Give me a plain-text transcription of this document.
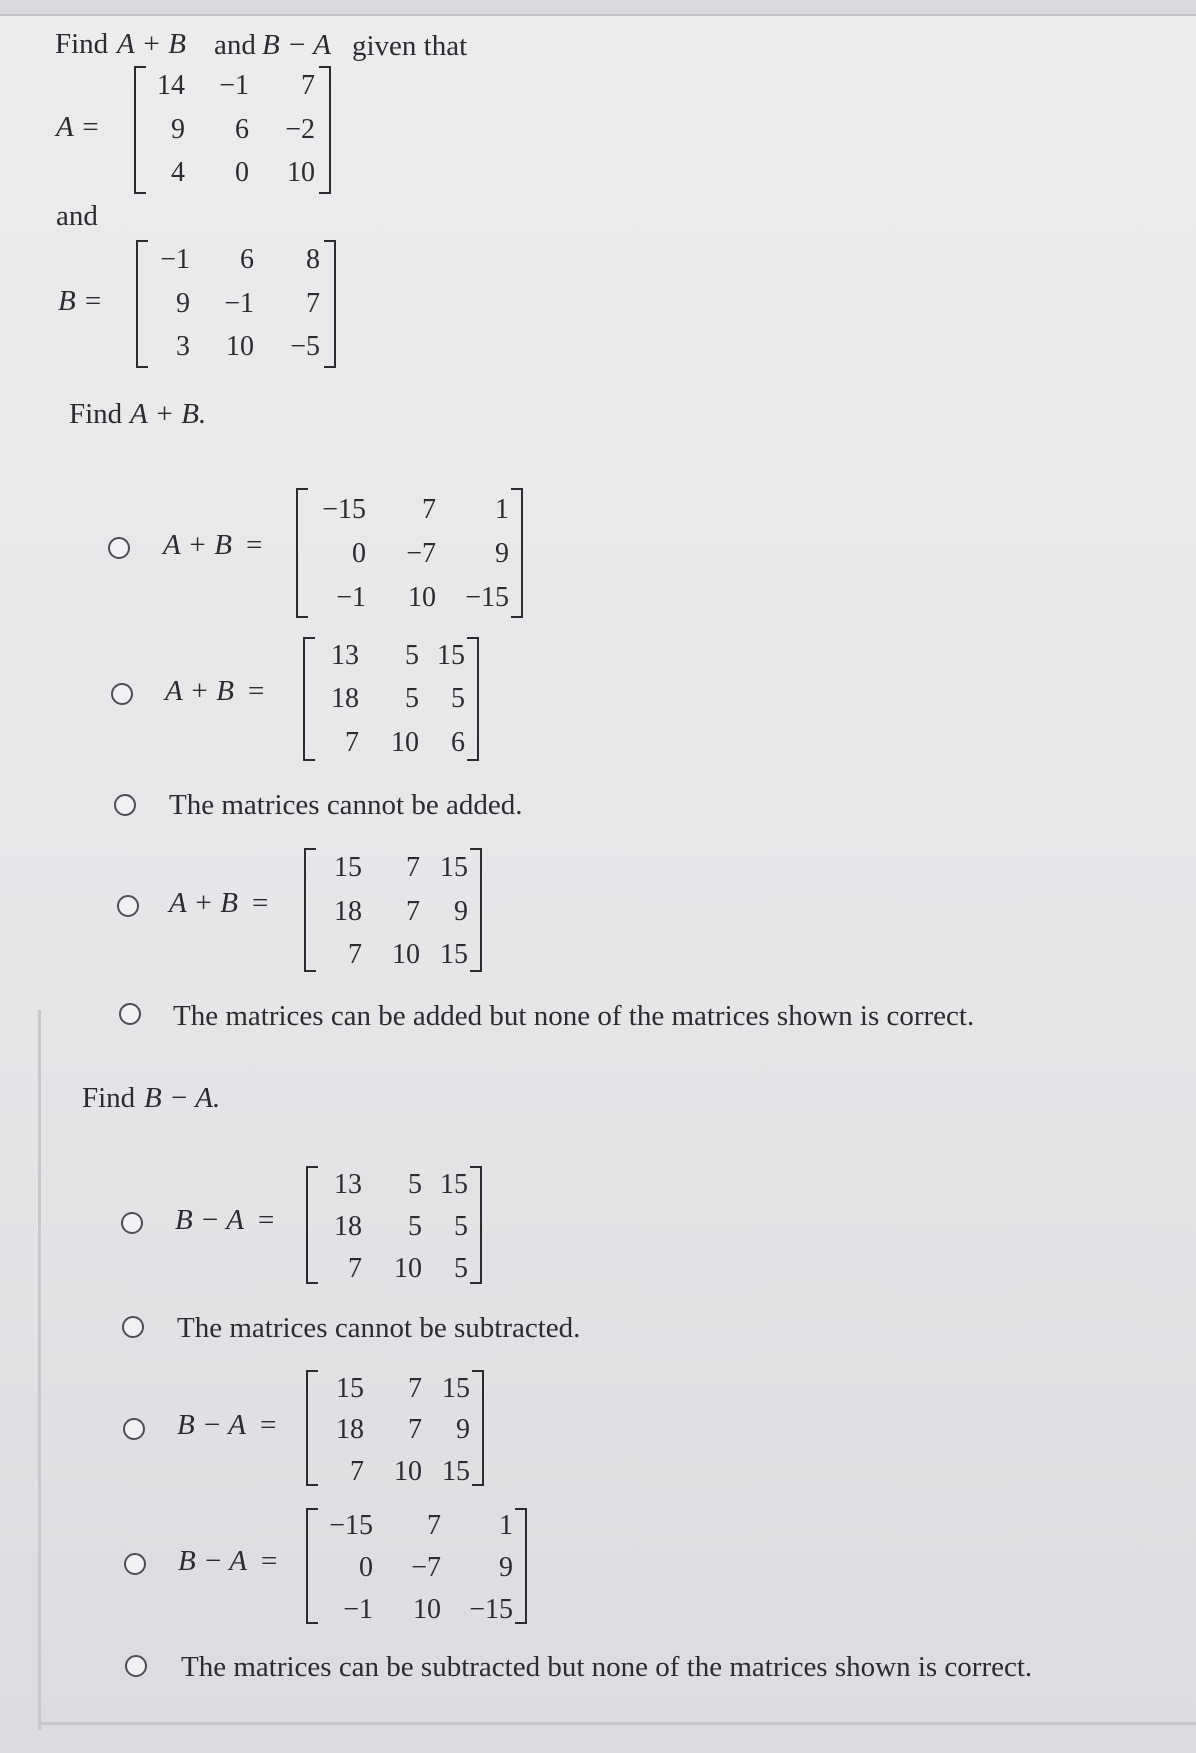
Find A + B and B − A given that
A =
14 −1 7
9 6 −2
4 0 10
and
B =
−1 6 8
9 −1 7
3 10 −5
Find A + B.
A + B =
−15 7 1
0 −7 9
−1 10 −15
A + B =
13 5 15
18 5 5
7 10 6
The matrices cannot be added.
A + B =
15 7 15
18 7 9
7 10 15
The matrices can be added but none of the matrices shown is correct.
Find B − A.
B − A =
13 5 15
18 5 5
7 10 5
The matrices cannot be subtracted.
B − A =
15 7 15
18 7 9
7 10 15
B − A =
−15 7 1
0 −7 9
−1 10 −15
The matrices can be subtracted but none of the matrices shown is correct.
